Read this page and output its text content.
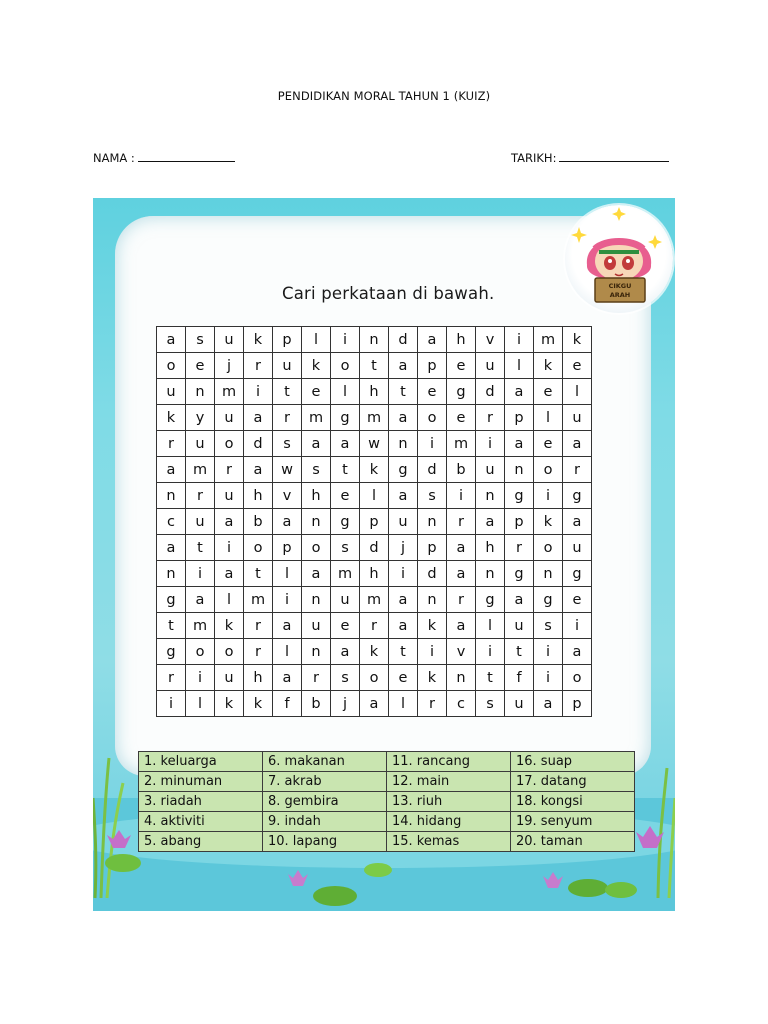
PENDIDIKAN MORAL TAHUN 1 (KUIZ)
NAMA :	TARIKH:
CIKGU
ARAH
Cari perkataan di bawah.
a	s	u	k	p	l	i	n	d	a	h	v	i	m	k
o	e	j	r	u	k	o	t	a	p	e	u	l	k	e
u	n	m	i	t	e	l	h	t	e	g	d	a	e	l
k	y	u	a	r	m	g	m	a	o	e	r	p	l	u
r	u	o	d	s	a	a	w	n	i	m	i	a	e	a
a	m	r	a	w	s	t	k	g	d	b	u	n	o	r
n	r	u	h	v	h	e	l	a	s	i	n	g	i	g
c	u	a	b	a	n	g	p	u	n	r	a	p	k	a
a	t	i	o	p	o	s	d	j	p	a	h	r	o	u
n	i	a	t	l	a	m	h	i	d	a	n	g	n	g
g	a	l	m	i	n	u	m	a	n	r	g	a	g	e
t	m	k	r	a	u	e	r	a	k	a	l	u	s	i
g	o	o	r	l	n	a	k	t	i	v	i	t	i	a
r	i	u	h	a	r	s	o	e	k	n	t	f	i	o
i	l	k	k	f	b	j	a	l	r	c	s	u	a	p
1. keluarga	6. makanan	11. rancang	16. suap
2. minuman	7. akrab	12. main	17. datang
3. riadah	8. gembira	13. riuh	18. kongsi
4. aktiviti	9. indah	14. hidang	19. senyum
5. abang	10. lapang	15. kemas	20. taman
